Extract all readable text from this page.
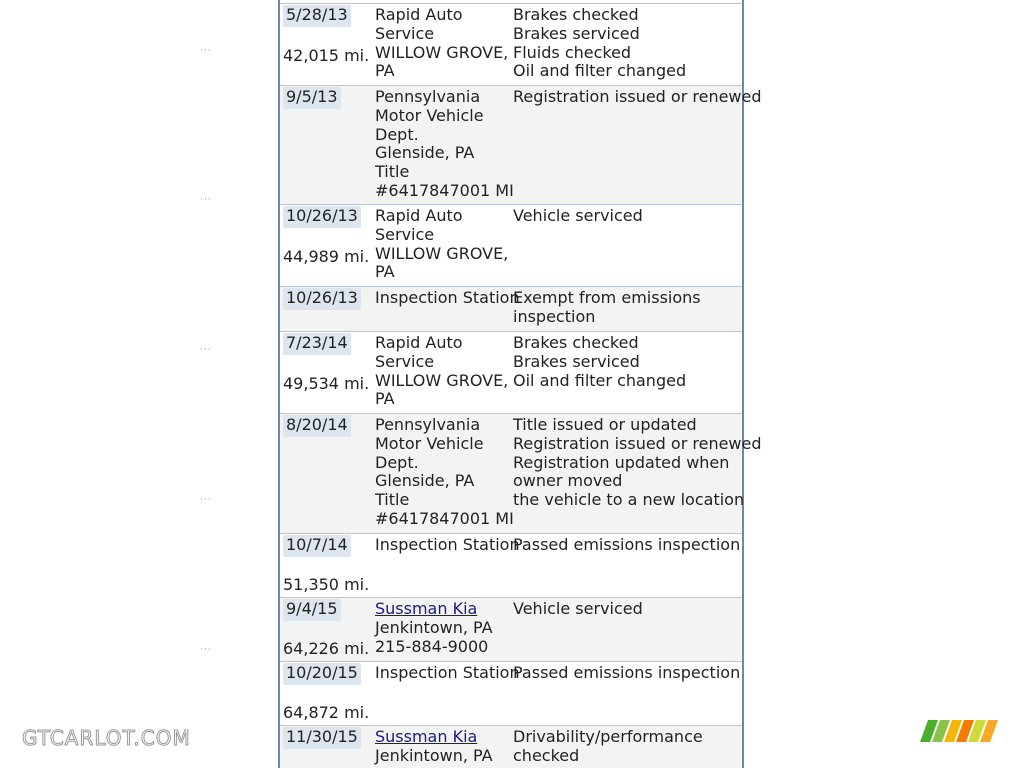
···
···
···
···
···
5/28/13
42,015 mi.
Rapid Auto
Service
WILLOW GROVE,
PA
Brakes checked
Brakes serviced
Fluids checked
Oil and filter changed
9/5/13 Pennsylvania
Motor Vehicle
Dept.
Glenside, PA
Title
#6417847001 MI
Registration issued or renewed
10/26/13
44,989 mi.
Rapid Auto
Service
WILLOW GROVE,
PA
Vehicle serviced
10/26/13 Inspection Station
Exempt from emissions
inspection
7/23/14
49,534 mi.
Rapid Auto
Service
WILLOW GROVE,
PA
Brakes checked
Brakes serviced
Oil and filter changed
8/20/14 Pennsylvania
Motor Vehicle
Dept.
Glenside, PA
Title
#6417847001 MI
Title issued or updated
Registration issued or renewed
Registration updated when
owner moved
the vehicle to a new location
10/7/14
51,350 mi.
Inspection Station
Passed emissions inspection
9/4/15
64,226 mi.
Sussman Kia
Jenkintown, PA
215-884-9000
Vehicle serviced
10/20/15
64,872 mi.
Inspection Station
Passed emissions inspection
11/30/15 Sussman Kia
Jenkintown, PA
Drivability/performance
checked
GTCARLOT.COM
